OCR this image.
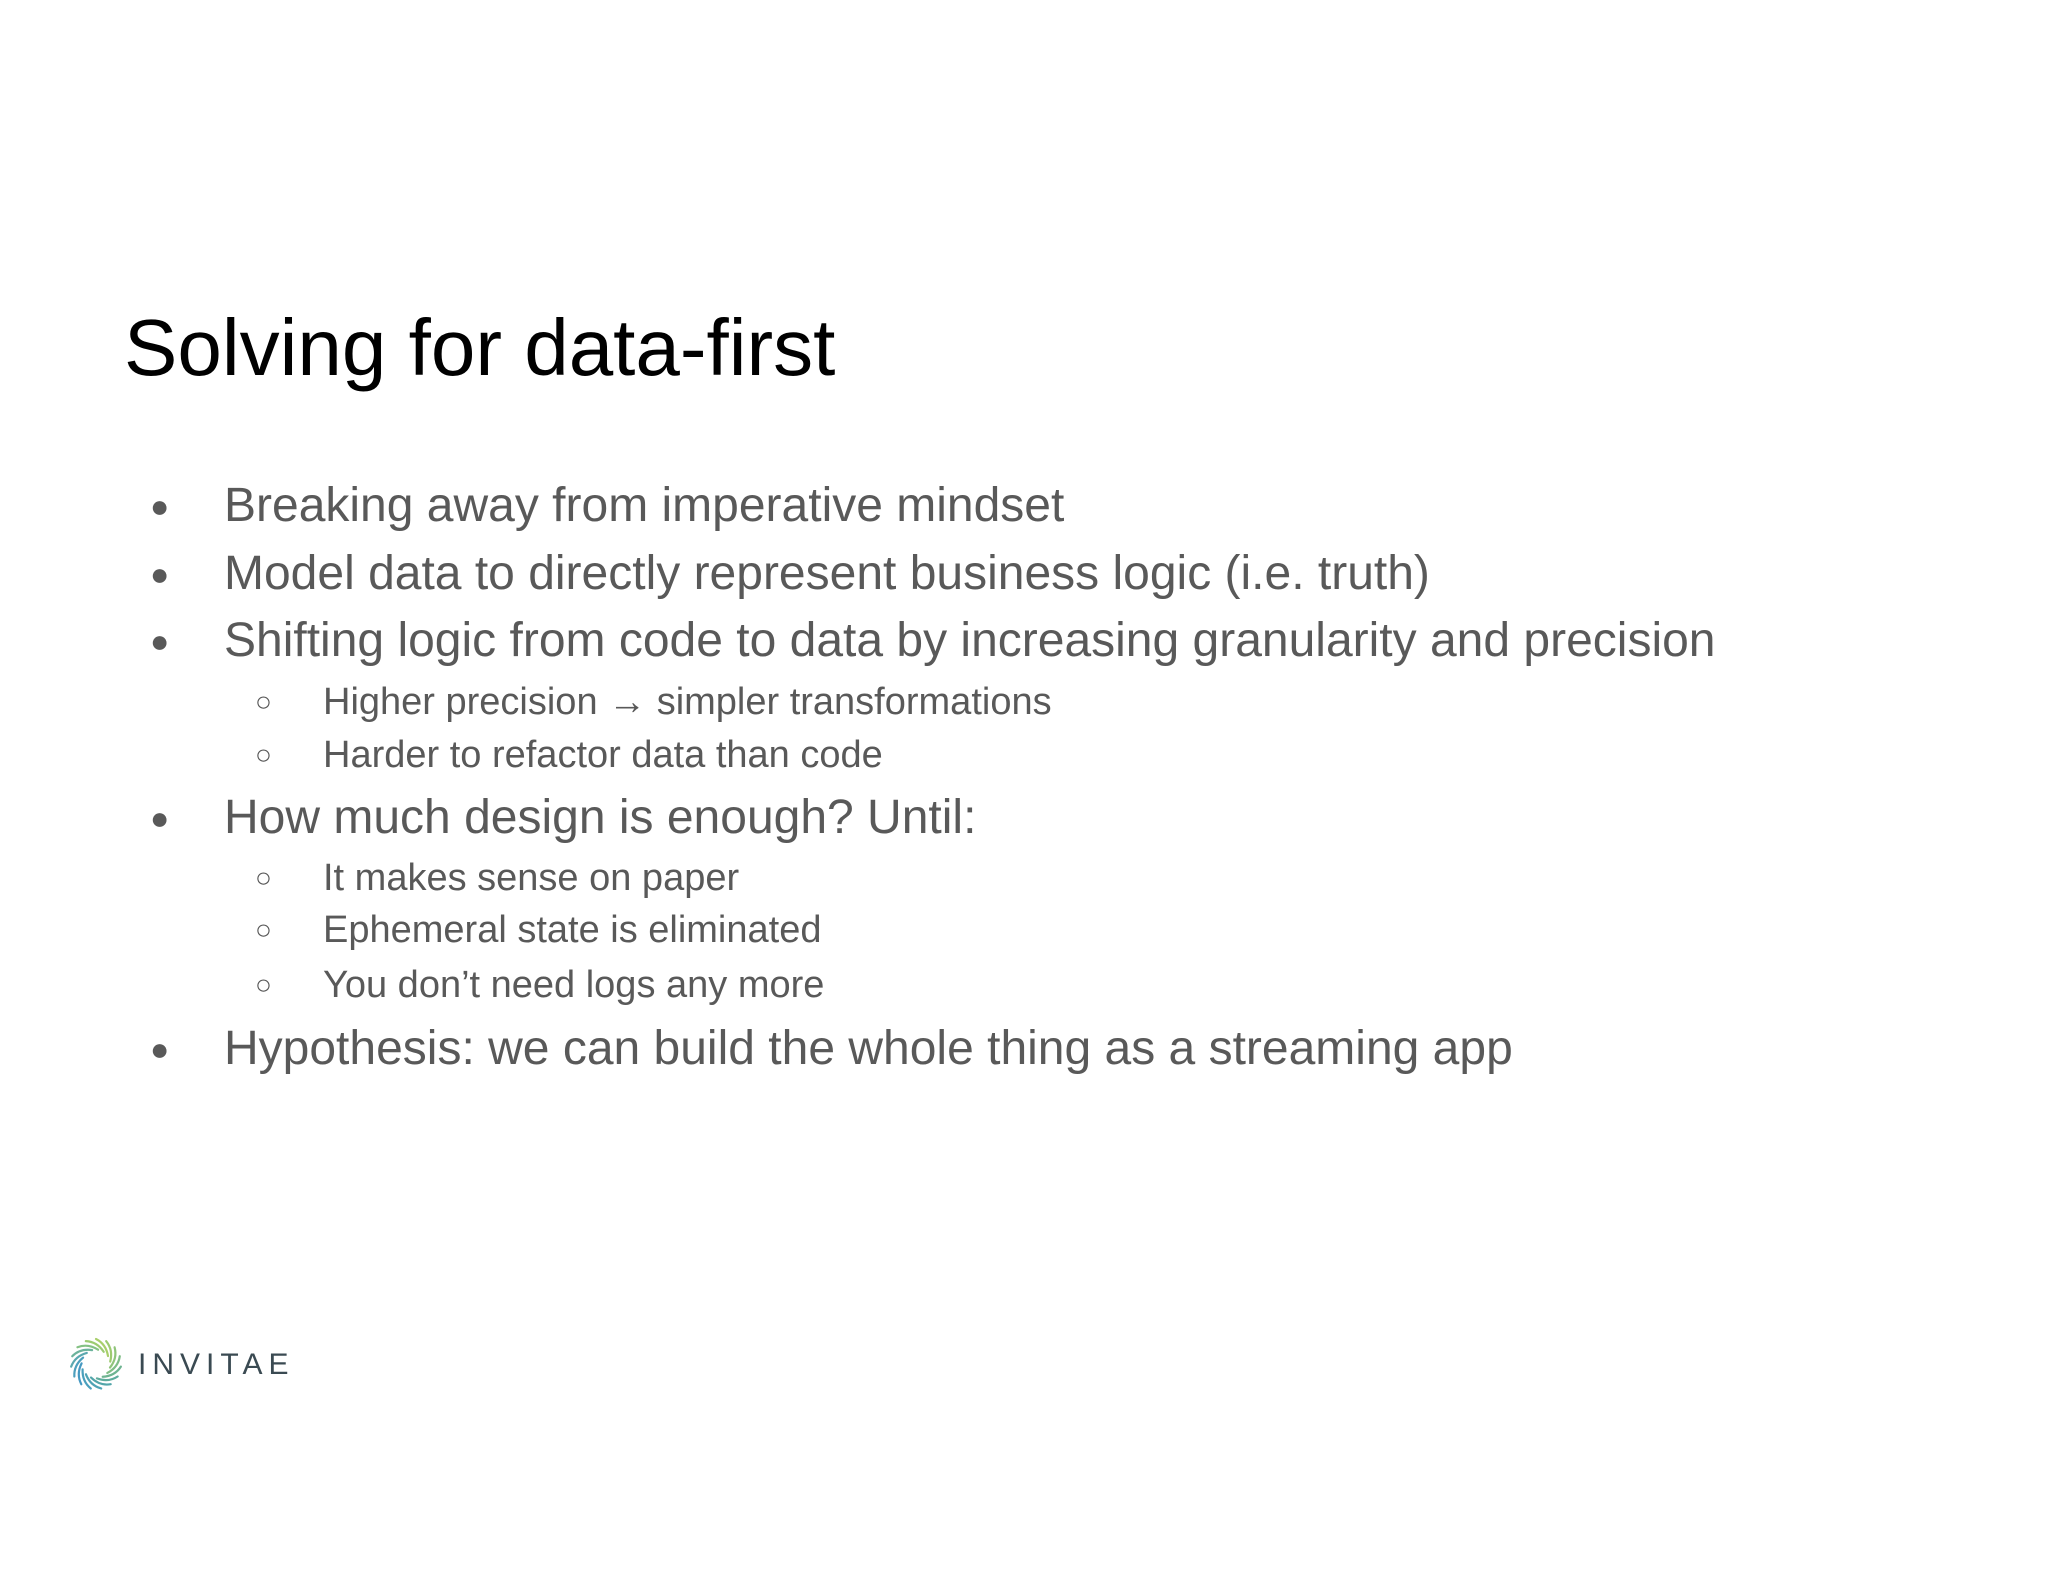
Solving for data-first
● Breaking away from imperative mindset
● Model data to directly represent business logic (i.e. truth)
● Shifting logic from code to data by increasing granularity and precision
○ Higher precision → simpler transformations
○ Harder to refactor data than code
● How much design is enough? Until:
○ It makes sense on paper
○ Ephemeral state is eliminated
○ You don’t need logs any more
● Hypothesis: we can build the whole thing as a streaming app
INVITAE
